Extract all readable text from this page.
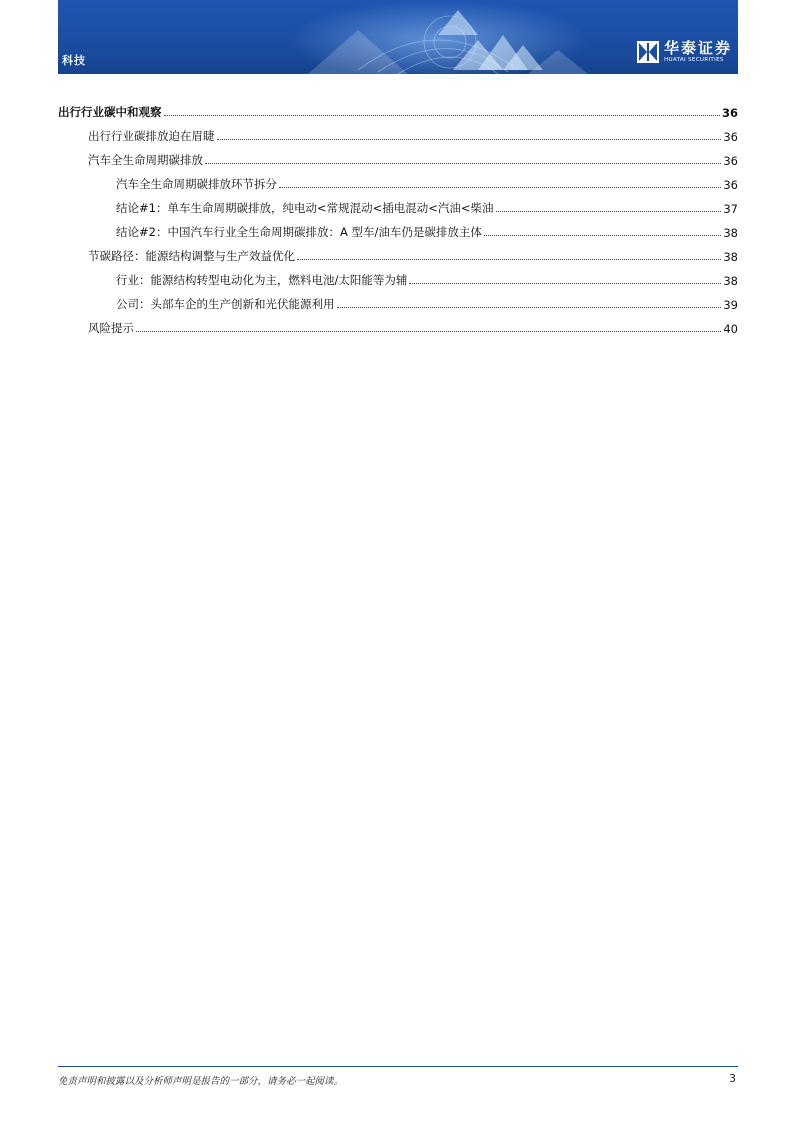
科技
华泰证券
HUATAI SECURITIES
出行行业碳中和观察	36
出行行业碳排放迫在眉睫	36
汽车全生命周期碳排放	36
汽车全生命周期碳排放环节拆分	36
结论#1：单车生命周期碳排放，纯电动<常规混动<插电混动<汽油<柴油	37
结论#2：中国汽车行业全生命周期碳排放：A 型车/油车仍是碳排放主体	38
节碳路径：能源结构调整与生产效益优化	38
行业：能源结构转型电动化为主，燃料电池/太阳能等为辅	38
公司：头部车企的生产创新和光伏能源利用	39
风险提示	40
免责声明和披露以及分析师声明是报告的一部分，请务必一起阅读。	3
